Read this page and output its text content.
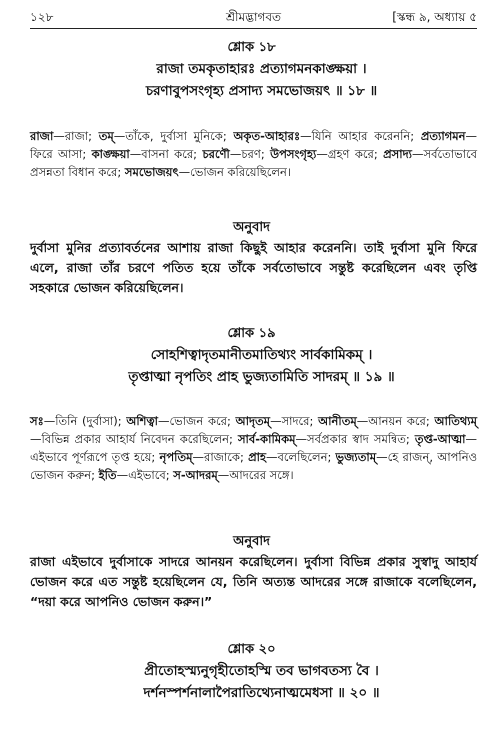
১২৮	শ্রীমদ্ভাগবত	[স্কন্ধ ৯, অধ্যায় ৫
শ্লোক ১৮
রাজা তমকৃতাহারঃ প্রত্যাগমনকাঙ্ক্ষয়া ।
চরণাবুপসংগৃহ্য প্রসাদ্য সমভোজয়ৎ ॥ ১৮ ॥
রাজা—রাজা; তম্—তাঁকে, দুর্বাসা মুনিকে; অকৃত-আহারঃ—যিনি আহার করেননি; প্রত্যাগমন—ফিরে আসা; কাঙ্ক্ষয়া—বাসনা করে; চরণৌ—চরণ; উপসংগৃহ্য—গ্রহণ করে; প্রসাদ্য—সর্বতোভাবে প্রসন্নতা বিধান করে; সমভোজয়ৎ—ভোজন করিয়েছিলেন।
অনুবাদ
দুর্বাসা মুনির প্রত্যাবর্তনের আশায় রাজা কিছুই আহার করেননি। তাই দুর্বাসা মুনি ফিরে এলে, রাজা তাঁর চরণে পতিত হয়ে তাঁকে সর্বতোভাবে সন্তুষ্ট করেছিলেন এবং তৃপ্তি সহকারে ভোজন করিয়েছিলেন।
শ্লোক ১৯
সোহশিত্বাদৃতমানীতমাতিথ্যং সার্বকামিকম্ ।
তৃপ্তাত্মা নৃপতিং প্রাহ ভুজ্যতামিতি সাদরম্ ॥ ১৯ ॥
সঃ—তিনি (দুর্বাসা); অশিত্বা—ভোজন করে; আদৃতম্—সাদরে; আনীতম্—আনয়ন করে; আতিথ্যম্—বিভিন্ন প্রকার আহার্য নিবেদন করেছিলেন; সার্ব-কামিকম্—সর্বপ্রকার স্বাদ সমন্বিত; তৃপ্ত-আত্মা—এইভাবে পূর্ণরূপে তৃপ্ত হয়ে; নৃপতিম্—রাজাকে; প্রাহ—বলেছিলেন; ভুজ্যতাম্—হে রাজন্, আপনিও ভোজন করুন; ইতি—এইভাবে; স-আদরম্—আদরের সঙ্গে।
অনুবাদ
রাজা এইভাবে দুর্বাসাকে সাদরে আনয়ন করেছিলেন। দুর্বাসা বিভিন্ন প্রকার সুস্বাদু আহার্য ভোজন করে এত সন্তুষ্ট হয়েছিলেন যে, তিনি অত্যন্ত আদরের সঙ্গে রাজাকে বলেছিলেন, “দয়া করে আপনিও ভোজন করুন।”
শ্লোক ২০
প্রীতোহস্ম্যনুগৃহীতোহস্মি তব ভাগবতস্য বৈ ।
দর্শনস্পর্শনালাপৈরাতিথ্যেনাত্মমেধসা ॥ ২০ ॥
